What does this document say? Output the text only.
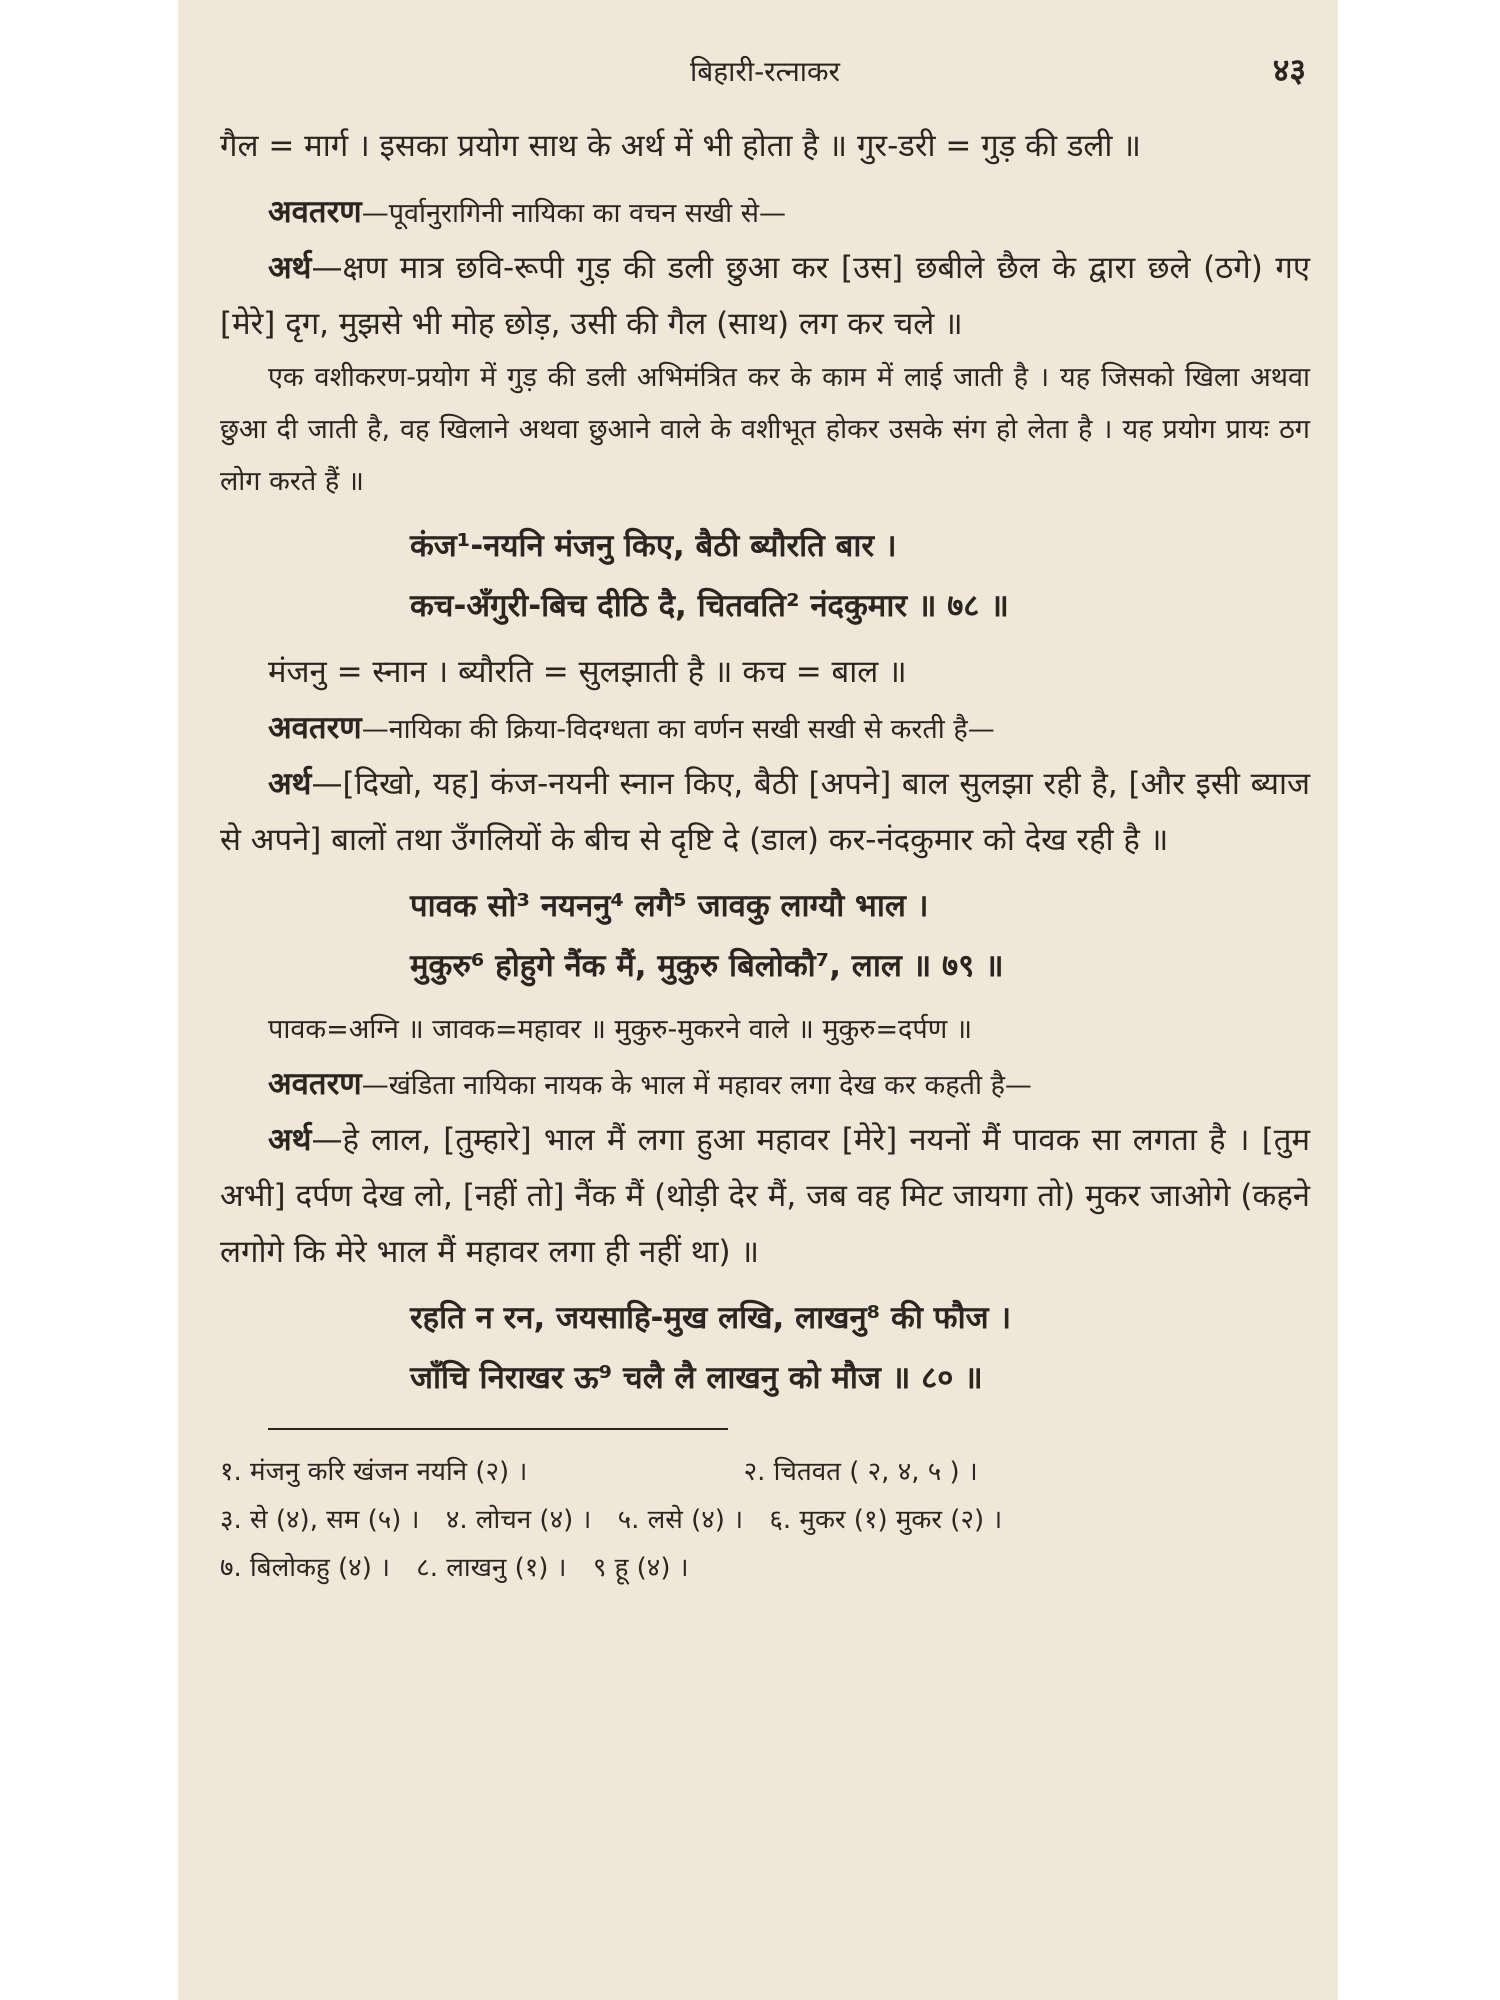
बिहारी-रत्नाकर	४३

गैल = मार्ग । इसका प्रयोग साथ के अर्थ में भी होता है ॥ गुर-डरी = गुड़ की डली ॥

अवतरण—पूर्वानुरागिनी नायिका का वचन सखी से—

अर्थ—क्षण मात्र छवि-रूपी गुड़ की डली छुआ कर [उस] छबीले छैल के द्वारा छले (ठगे) गए [मेरे] दृग, मुझसे भी मोह छोड़, उसी की गैल (साथ) लग कर चले ॥

एक वशीकरण-प्रयोग में गुड़ की डली अभिमंत्रित कर के काम में लाई जाती है । यह जिसको खिला अथवा छुआ दी जाती है, वह खिलाने अथवा छुआने वाले के वशीभूत होकर उसके संग हो लेता है । यह प्रयोग प्रायः ठग लोग करते हैं ॥

कंज¹-नयनि मंजनु किए, बैठी ब्यौरति बार ।
कच-अँगुरी-बिच दीठि दै, चितवति² नंदकुमार ॥ ७८ ॥

मंजनु = स्नान । ब्यौरति = सुलझाती है ॥ कच = बाल ॥

अवतरण—नायिका की क्रिया-विदग्धता का वर्णन सखी सखी से करती है—

अर्थ—[दिखो, यह] कंज-नयनी स्नान किए, बैठी [अपने] बाल सुलझा रही है, [और इसी ब्याज से अपने] बालों तथा उँगलियों के बीच से दृष्टि दे (डाल) कर-नंदकुमार को देख रही है ॥

पावक सो³ नयननु⁴ लगै⁵ जावकु लाग्यौ भाल ।
मुकुरु⁶ होहुगे नैंक मैं, मुकुरु बिलोकौ⁷, लाल ॥ ७९ ॥

पावक=अग्नि ॥ जावक=महावर ॥ मुकुरु-मुकरने वाले ॥ मुकुरु=दर्पण ॥

अवतरण—खंडिता नायिका नायक के भाल में महावर लगा देख कर कहती है—

अर्थ—हे लाल, [तुम्हारे] भाल मैं लगा हुआ महावर [मेरे] नयनों मैं पावक सा लगता है । [तुम अभी] दर्पण देख लो, [नहीं तो] नैंक मैं (थोड़ी देर मैं, जब वह मिट जायगा तो) मुकर जाओगे (कहने लगोगे कि मेरे भाल मैं महावर लगा ही नहीं था) ॥

रहति न रन, जयसाहि-मुख लखि, लाखनु⁸ की फौज ।
जाँचि निराखर ऊ⁹ चलै लै लाखनु को मौज ॥ ८० ॥
१. मंजनु करि खंजन नयनि (२) ।	२. चितवत ( २, ४, ५ ) ।
३. से (४), सम (५) । ४. लोचन (४) । ५. लसे (४) । ६. मुकर (१) मुकर (२) ।
७. बिलोकहु (४) । ८. लाखनु (१) । ९ हू (४) ।
